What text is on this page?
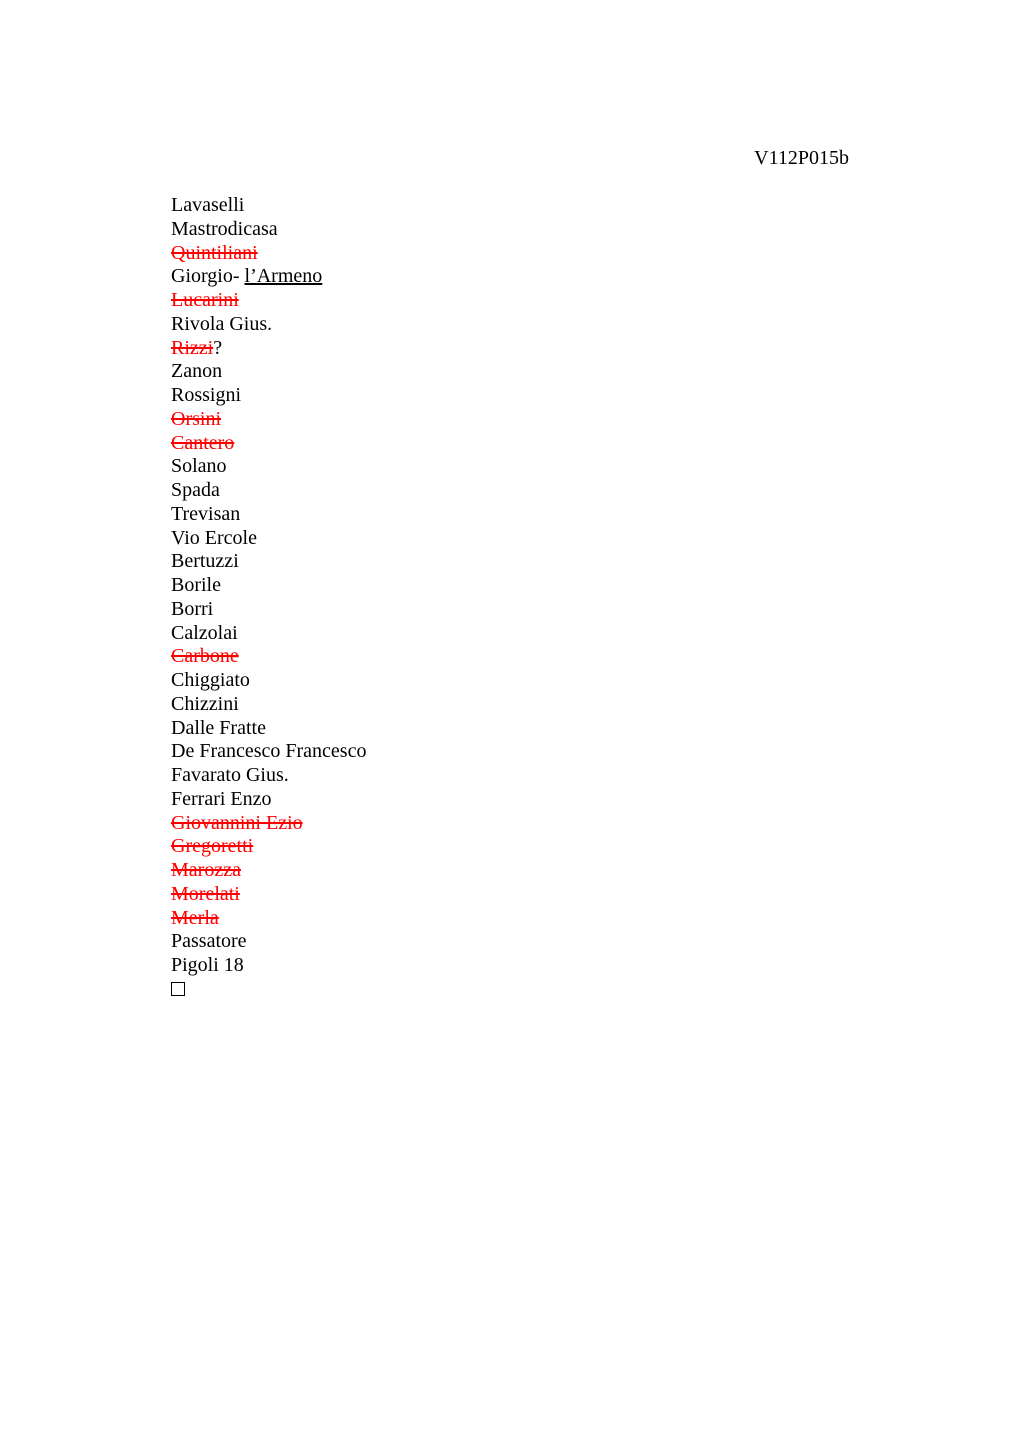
V112P015b
Lavaselli
Mastrodicasa
Quintiliani
Giorgio- l’Armeno
Lucarini
Rivola Gius.
Rizzi?
Zanon
Rossigni
Orsini
Cantero
Solano
Spada
Trevisan
Vio Ercole
Bertuzzi
Borile
Borri
Calzolai
Carbone
Chiggiato
Chizzini
Dalle Fratte
De Francesco Francesco
Favarato Gius.
Ferrari Enzo
Giovannini Ezio
Gregoretti
Marozza
Morelati
Merla
Passatore
Pigoli 18
